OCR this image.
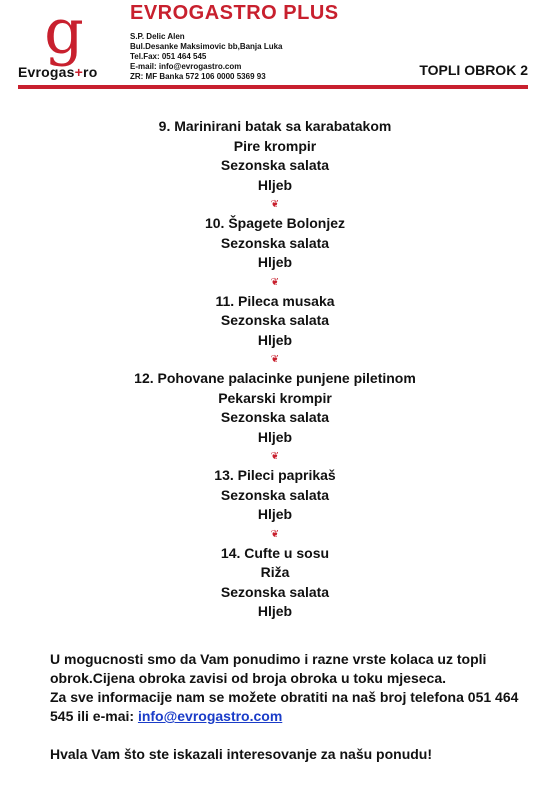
g
Evrogas+ro
EVROGASTRO PLUS
S.P. Delic Alen
Bul.Desanke Maksimovic bb,Banja Luka
Tel.Fax: 051 464 545
E-mail: info@evrogastro.com
ZR: MF Banka 572 106 0000 5369 93	TOPLI OBROK 2
9. Marinirani batak sa karabatakom
Pire krompir
Sezonska salata
Hljeb
❦
10. Špagete Bolonjez
Sezonska salata
Hljeb
❦
11. Pileca musaka
Sezonska salata
Hljeb
❦
12. Pohovane palacinke punjene piletinom
Pekarski krompir
Sezonska salata
Hljeb
❦
13. Pileci paprikaš
Sezonska salata
Hljeb
❦
14. Cufte u sosu
Riža
Sezonska salata
Hljeb

U mogucnosti smo da Vam ponudimo i razne vrste kolaca uz topli obrok.Cijena obroka zavisi od broja obroka u toku mjeseca.

Za sve informacije nam se možete obratiti na naš broj telefona 051 464 545 ili e-mai: info@evrogastro.com

Hvala Vam što ste iskazali interesovanje za našu ponudu!
